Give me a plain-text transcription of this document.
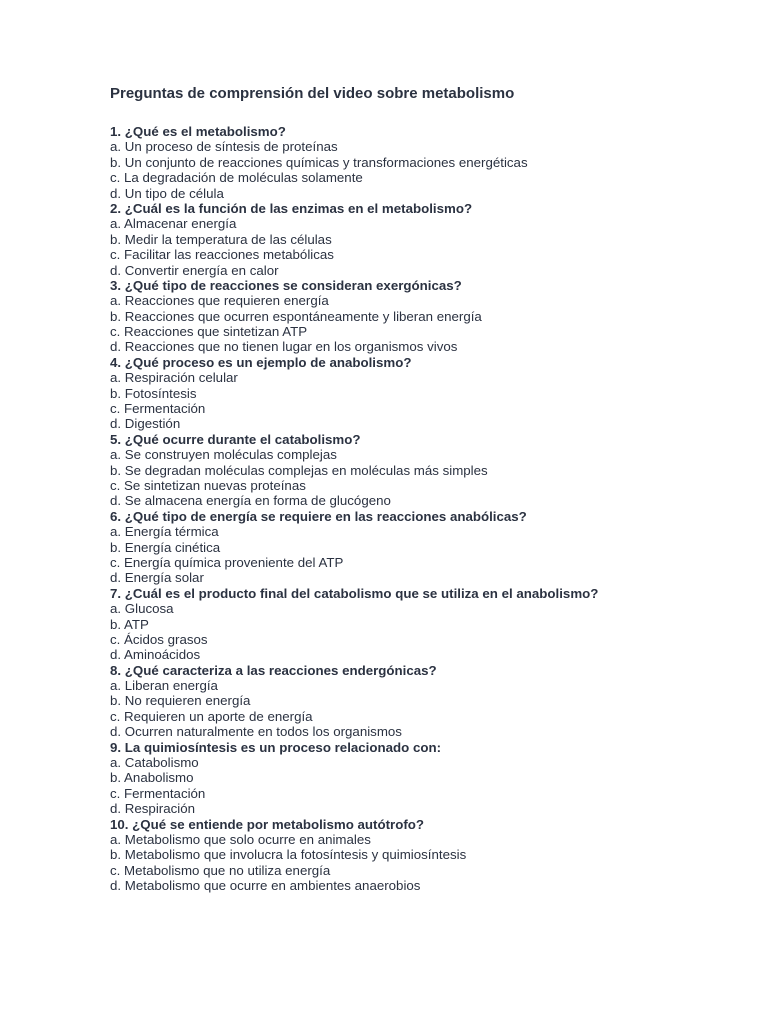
Preguntas de comprensión del video sobre metabolismo
1. ¿Qué es el metabolismo?
a. Un proceso de síntesis de proteínas
b. Un conjunto de reacciones químicas y transformaciones energéticas
c. La degradación de moléculas solamente
d. Un tipo de célula
2. ¿Cuál es la función de las enzimas en el metabolismo?
a. Almacenar energía
b. Medir la temperatura de las células
c. Facilitar las reacciones metabólicas
d. Convertir energía en calor
3. ¿Qué tipo de reacciones se consideran exergónicas?
a. Reacciones que requieren energía
b. Reacciones que ocurren espontáneamente y liberan energía
c. Reacciones que sintetizan ATP
d. Reacciones que no tienen lugar en los organismos vivos
4. ¿Qué proceso es un ejemplo de anabolismo?
a. Respiración celular
b. Fotosíntesis
c. Fermentación
d. Digestión
5. ¿Qué ocurre durante el catabolismo?
a. Se construyen moléculas complejas
b. Se degradan moléculas complejas en moléculas más simples
c. Se sintetizan nuevas proteínas
d. Se almacena energía en forma de glucógeno
6. ¿Qué tipo de energía se requiere en las reacciones anabólicas?
a. Energía térmica
b. Energía cinética
c. Energía química proveniente del ATP
d. Energía solar
7. ¿Cuál es el producto final del catabolismo que se utiliza en el anabolismo?
a. Glucosa
b. ATP
c. Ácidos grasos
d. Aminoácidos
8. ¿Qué caracteriza a las reacciones endergónicas?
a. Liberan energía
b. No requieren energía
c. Requieren un aporte de energía
d. Ocurren naturalmente en todos los organismos
9. La quimiosíntesis es un proceso relacionado con:
a. Catabolismo
b. Anabolismo
c. Fermentación
d. Respiración
10. ¿Qué se entiende por metabolismo autótrofo?
a. Metabolismo que solo ocurre en animales
b. Metabolismo que involucra la fotosíntesis y quimiosíntesis
c. Metabolismo que no utiliza energía
d. Metabolismo que ocurre en ambientes anaerobios
